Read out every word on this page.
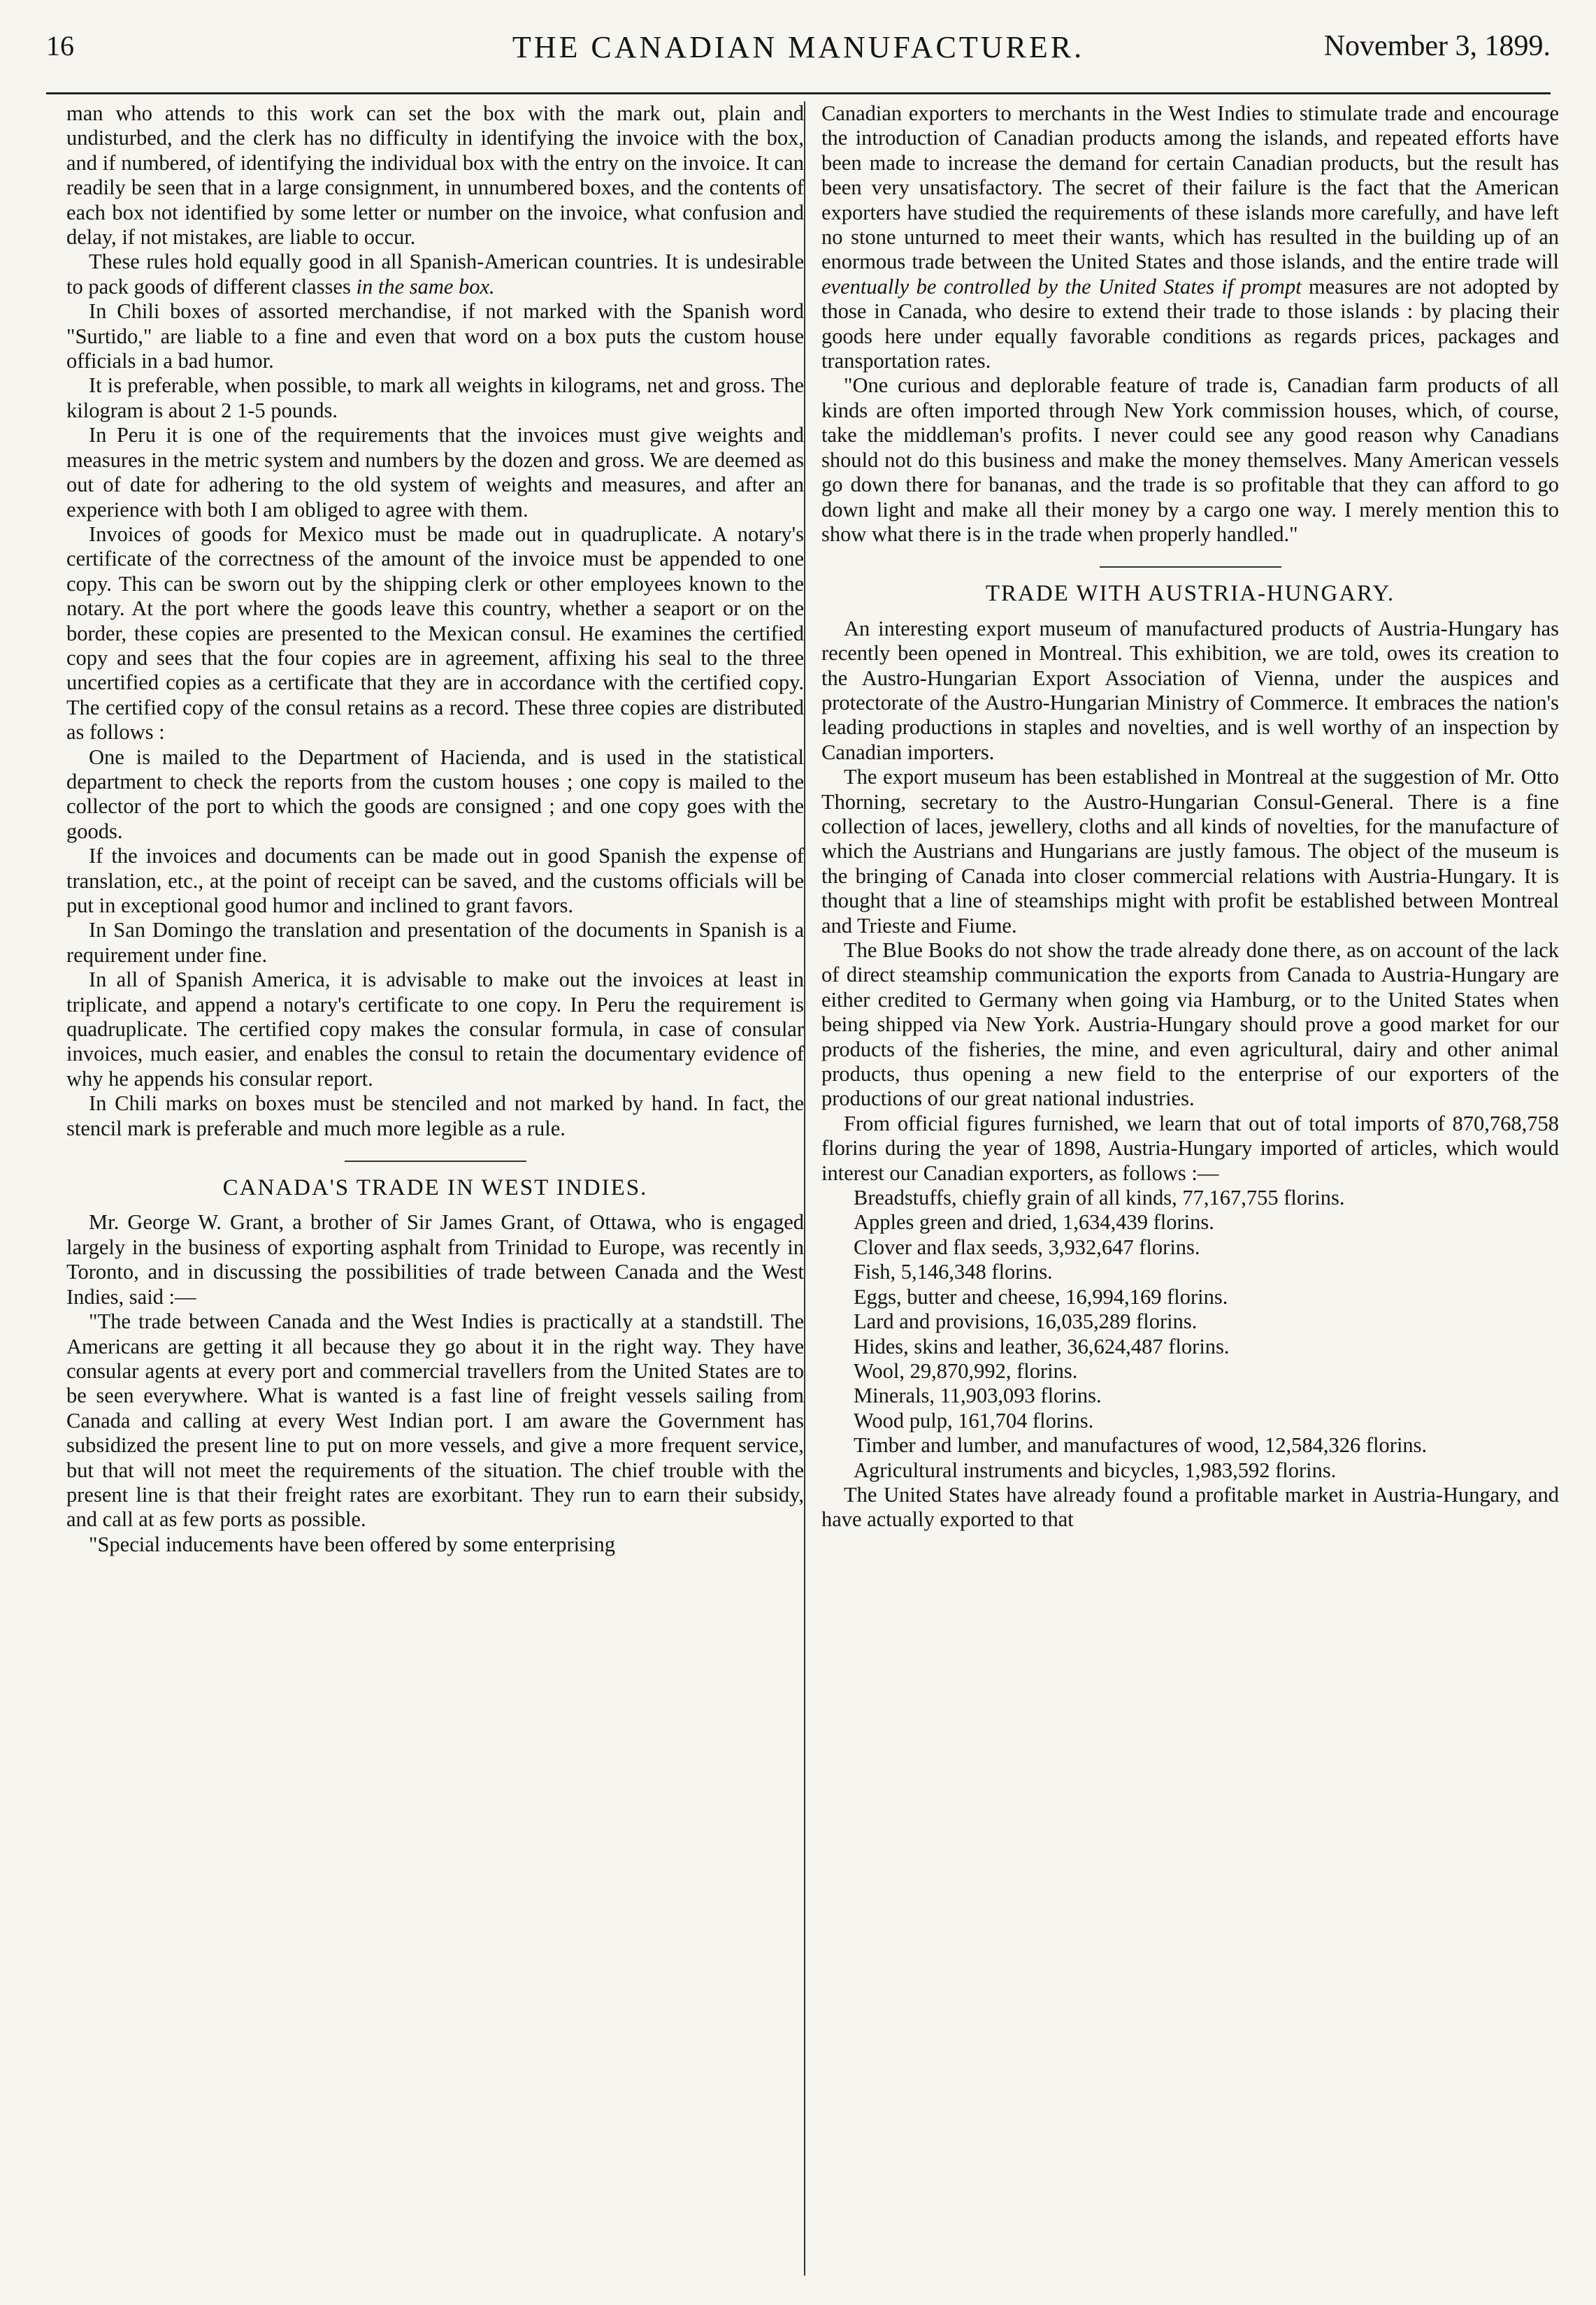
16	THE CANADIAN MANUFACTURER.	November 3, 1899.

man who attends to this work can set the box with the mark out, plain and undisturbed, and the clerk has no difficulty in identifying the invoice with the box, and if numbered, of identifying the individual box with the entry on the invoice. It can readily be seen that in a large consignment, in unnumbered boxes, and the contents of each box not identified by some letter or number on the invoice, what confusion and delay, if not mistakes, are liable to occur.

These rules hold equally good in all Spanish-American countries. It is undesirable to pack goods of different classes in the same box.

In Chili boxes of assorted merchandise, if not marked with the Spanish word "Surtido," are liable to a fine and even that word on a box puts the custom house officials in a bad humor.

It is preferable, when possible, to mark all weights in kilograms, net and gross. The kilogram is about 2 1-5 pounds.

In Peru it is one of the requirements that the invoices must give weights and measures in the metric system and numbers by the dozen and gross. We are deemed as out of date for adhering to the old system of weights and measures, and after an experience with both I am obliged to agree with them.

Invoices of goods for Mexico must be made out in quadruplicate. A notary's certificate of the correctness of the amount of the invoice must be appended to one copy. This can be sworn out by the shipping clerk or other employees known to the notary. At the port where the goods leave this country, whether a seaport or on the border, these copies are presented to the Mexican consul. He examines the certified copy and sees that the four copies are in agreement, affixing his seal to the three uncertified copies as a certificate that they are in accordance with the certified copy. The certified copy of the consul retains as a record. These three copies are distributed as follows :

One is mailed to the Department of Hacienda, and is used in the statistical department to check the reports from the custom houses ; one copy is mailed to the collector of the port to which the goods are consigned ; and one copy goes with the goods.

If the invoices and documents can be made out in good Spanish the expense of translation, etc., at the point of receipt can be saved, and the customs officials will be put in exceptional good humor and inclined to grant favors.

In San Domingo the translation and presentation of the documents in Spanish is a requirement under fine.

In all of Spanish America, it is advisable to make out the invoices at least in triplicate, and append a notary's certificate to one copy. In Peru the requirement is quadruplicate. The certified copy makes the consular formula, in case of consular invoices, much easier, and enables the consul to retain the documentary evidence of why he appends his consular report.

In Chili marks on boxes must be stenciled and not marked by hand. In fact, the stencil mark is preferable and much more legible as a rule.

CANADA'S TRADE IN WEST INDIES.

Mr. George W. Grant, a brother of Sir James Grant, of Ottawa, who is engaged largely in the business of exporting asphalt from Trinidad to Europe, was recently in Toronto, and in discussing the possibilities of trade between Canada and the West Indies, said :—

"The trade between Canada and the West Indies is practically at a standstill. The Americans are getting it all because they go about it in the right way. They have consular agents at every port and commercial travellers from the United States are to be seen everywhere. What is wanted is a fast line of freight vessels sailing from Canada and calling at every West Indian port. I am aware the Government has subsidized the present line to put on more vessels, and give a more frequent service, but that will not meet the requirements of the situation. The chief trouble with the present line is that their freight rates are exorbitant. They run to earn their subsidy, and call at as few ports as possible.

"Special inducements have been offered by some enterprising

Canadian exporters to merchants in the West Indies to stimulate trade and encourage the introduction of Canadian products among the islands, and repeated efforts have been made to increase the demand for certain Canadian products, but the result has been very unsatisfactory. The secret of their failure is the fact that the American exporters have studied the requirements of these islands more carefully, and have left no stone unturned to meet their wants, which has resulted in the building up of an enormous trade between the United States and those islands, and the entire trade will eventually be controlled by the United States if prompt measures are not adopted by those in Canada, who desire to extend their trade to those islands : by placing their goods here under equally favorable conditions as regards prices, packages and transportation rates.

"One curious and deplorable feature of trade is, Canadian farm products of all kinds are often imported through New York commission houses, which, of course, take the middleman's profits. I never could see any good reason why Canadians should not do this business and make the money themselves. Many American vessels go down there for bananas, and the trade is so profitable that they can afford to go down light and make all their money by a cargo one way. I merely mention this to show what there is in the trade when properly handled."

TRADE WITH AUSTRIA-HUNGARY.

An interesting export museum of manufactured products of Austria-Hungary has recently been opened in Montreal. This exhibition, we are told, owes its creation to the Austro-Hungarian Export Association of Vienna, under the auspices and protectorate of the Austro-Hungarian Ministry of Commerce. It embraces the nation's leading productions in staples and novelties, and is well worthy of an inspection by Canadian importers.

The export museum has been established in Montreal at the suggestion of Mr. Otto Thorning, secretary to the Austro-Hungarian Consul-General. There is a fine collection of laces, jewellery, cloths and all kinds of novelties, for the manufacture of which the Austrians and Hungarians are justly famous. The object of the museum is the bringing of Canada into closer commercial relations with Austria-Hungary. It is thought that a line of steamships might with profit be established between Montreal and Trieste and Fiume.

The Blue Books do not show the trade already done there, as on account of the lack of direct steamship communication the exports from Canada to Austria-Hungary are either credited to Germany when going via Hamburg, or to the United States when being shipped via New York. Austria-Hungary should prove a good market for our products of the fisheries, the mine, and even agricultural, dairy and other animal products, thus opening a new field to the enterprise of our exporters of the productions of our great national industries.

From official figures furnished, we learn that out of total imports of 870,768,758 florins during the year of 1898, Austria-Hungary imported of articles, which would interest our Canadian exporters, as follows :—

Breadstuffs, chiefly grain of all kinds, 77,167,755 florins.

Apples green and dried, 1,634,439 florins.

Clover and flax seeds, 3,932,647 florins.

Fish, 5,146,348 florins.

Eggs, butter and cheese, 16,994,169 florins.

Lard and provisions, 16,035,289 florins.

Hides, skins and leather, 36,624,487 florins.

Wool, 29,870,992, florins.

Minerals, 11,903,093 florins.

Wood pulp, 161,704 florins.

Timber and lumber, and manufactures of wood, 12,584,326 florins.

Agricultural instruments and bicycles, 1,983,592 florins.

The United States have already found a profitable market in Austria-Hungary, and have actually exported to that
